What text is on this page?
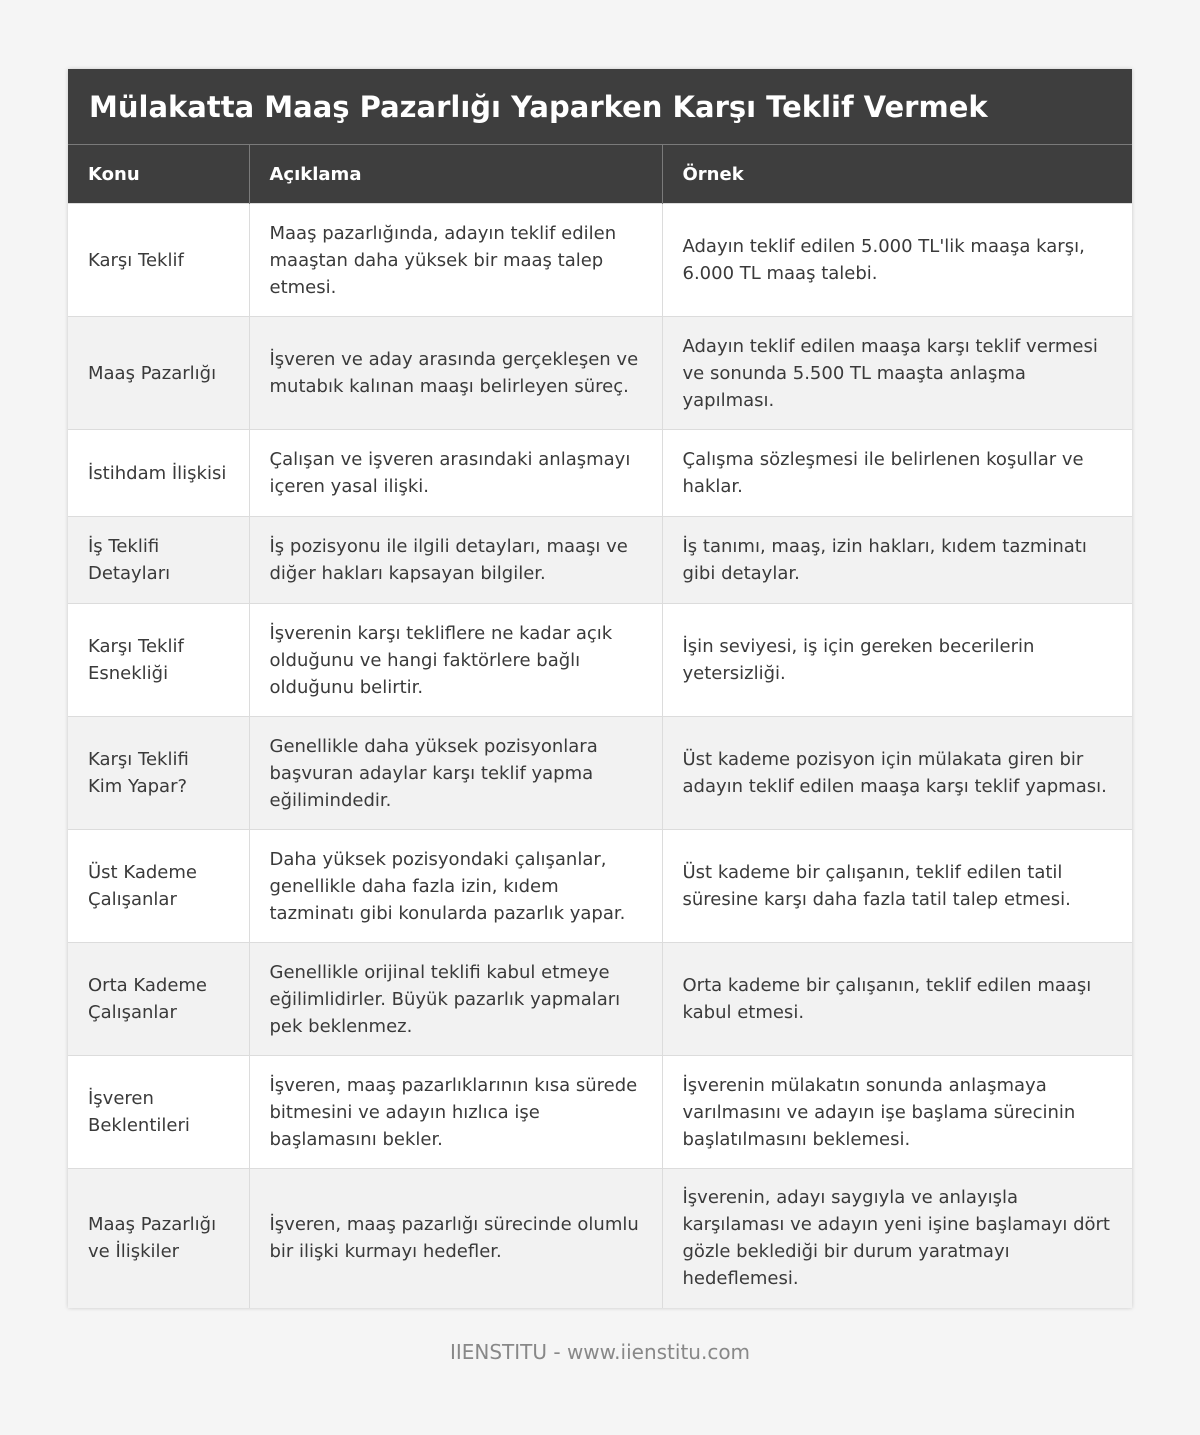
Mülakatta Maaş Pazarlığı Yaparken Karşı Teklif Vermek
Konu	Açıklama	Örnek
Karşı Teklif	Maaş pazarlığında, adayın teklif edilen maaştan daha yüksek bir maaş talep etmesi.	Adayın teklif edilen 5.000 TL'lik maaşa karşı, 6.000 TL maaş talebi.
Maaş Pazarlığı	İşveren ve aday arasında gerçekleşen ve mutabık kalınan maaşı belirleyen süreç.	Adayın teklif edilen maaşa karşı teklif vermesi ve sonunda 5.500 TL maaşta anlaşma yapılması.
İstihdam İlişkisi	Çalışan ve işveren arasındaki anlaşmayı içeren yasal ilişki.	Çalışma sözleşmesi ile belirlenen koşullar ve haklar.
İş Teklifi Detayları	İş pozisyonu ile ilgili detayları, maaşı ve diğer hakları kapsayan bilgiler.	İş tanımı, maaş, izin hakları, kıdem tazminatı gibi detaylar.
Karşı Teklif Esnekliği	İşverenin karşı tekliflere ne kadar açık olduğunu ve hangi faktörlere bağlı olduğunu belirtir.	İşin seviyesi, iş için gereken becerilerin yetersizliği.
Karşı Teklifi Kim Yapar?	Genellikle daha yüksek pozisyonlara başvuran adaylar karşı teklif yapma eğilimindedir.	Üst kademe pozisyon için mülakata giren bir adayın teklif edilen maaşa karşı teklif yapması.
Üst Kademe Çalışanlar	Daha yüksek pozisyondaki çalışanlar, genellikle daha fazla izin, kıdem tazminatı gibi konularda pazarlık yapar.	Üst kademe bir çalışanın, teklif edilen tatil süresine karşı daha fazla tatil talep etmesi.
Orta Kademe Çalışanlar	Genellikle orijinal teklifi kabul etmeye eğilimlidirler. Büyük pazarlık yapmaları pek beklenmez.	Orta kademe bir çalışanın, teklif edilen maaşı kabul etmesi.
İşveren Beklentileri	İşveren, maaş pazarlıklarının kısa sürede bitmesini ve adayın hızlıca işe başlamasını bekler.	İşverenin mülakatın sonunda anlaşmaya varılmasını ve adayın işe başlama sürecinin başlatılmasını beklemesi.
Maaş Pazarlığı ve İlişkiler	İşveren, maaş pazarlığı sürecinde olumlu bir ilişki kurmayı hedefler.	İşverenin, adayı saygıyla ve anlayışla karşılaması ve adayın yeni işine başlamayı dört gözle beklediği bir durum yaratmayı hedeflemesi.
IIENSTITU - www.iienstitu.com
